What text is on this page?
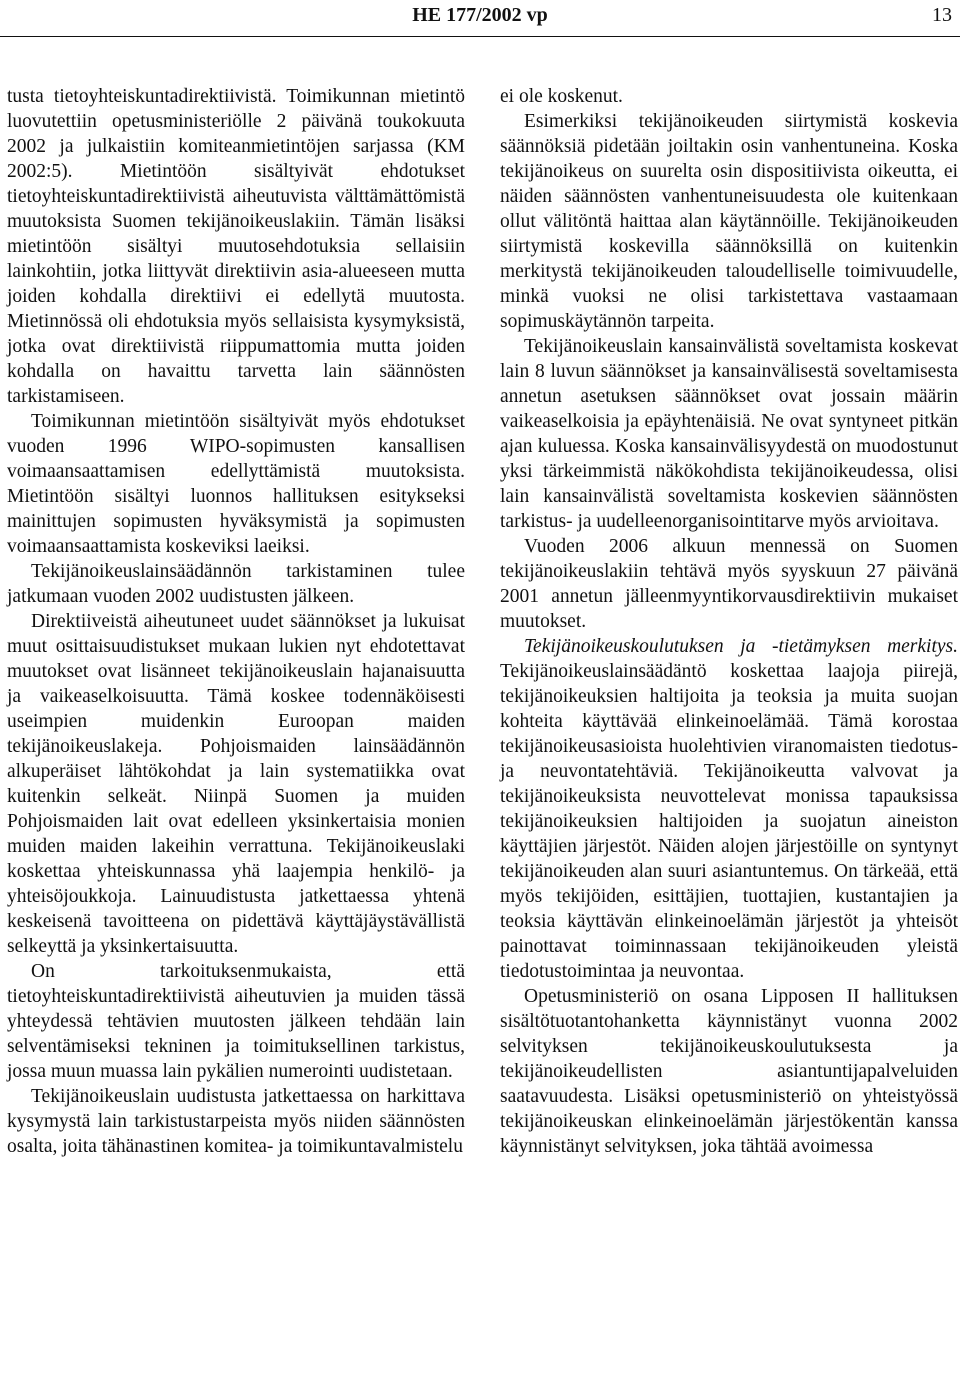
HE 177/2002 vp	13

tusta tietoyhteiskuntadirektiivistä. Toimikunnan mietintö luovutettiin opetusministeriölle 2 päivänä toukokuuta 2002 ja julkaistiin komiteanmietintöjen sarjassa (KM 2002:5). Mietintöön sisältyivät ehdotukset tietoyhteiskuntadirektiivistä aiheutuvista välttämättömistä muutoksista Suomen tekijänoikeuslakiin. Tämän lisäksi mietintöön sisältyi muutosehdotuksia sellaisiin lainkohtiin, jotka liittyvät direktiivin asia-alueeseen mutta joiden kohdalla direktiivi ei edellytä muutosta. Mietinnössä oli ehdotuksia myös sellaisista kysymyksistä, jotka ovat direktiivistä riippumattomia mutta joiden kohdalla on havaittu tarvetta lain säännösten tarkistamiseen.

Toimikunnan mietintöön sisältyivät myös ehdotukset vuoden 1996 WIPO-sopimusten kansallisen voimaansaattamisen edellyttämistä muutoksista. Mietintöön sisältyi luonnos hallituksen esitykseksi mainittujen sopimusten hyväksymistä ja sopimusten voimaansaattamista koskeviksi laeiksi.

Tekijänoikeuslainsäädännön tarkistaminen tulee jatkumaan vuoden 2002 uudistusten jälkeen.

Direktiiveistä aiheutuneet uudet säännökset ja lukuisat muut osittaisuudistukset mukaan lukien nyt ehdotettavat muutokset ovat lisänneet tekijänoikeuslain hajanaisuutta ja vaikeaselkoisuutta. Tämä koskee todennäköisesti useimpien muidenkin Euroopan maiden tekijänoikeuslakeja. Pohjoismaiden lainsäädännön alkuperäiset lähtökohdat ja lain systematiikka ovat kuitenkin selkeät. Niinpä Suomen ja muiden Pohjoismaiden lait ovat edelleen yksinkertaisia monien muiden maiden lakeihin verrattuna. Tekijänoikeuslaki koskettaa yhteiskunnassa yhä laajempia henkilö- ja yhteisöjoukkoja. Lainuudistusta jatkettaessa yhtenä keskeisenä tavoitteena on pidettävä käyttäjäystävällistä selkeyttä ja yksinkertaisuutta.

On tarkoituksenmukaista, että tietoyhteiskuntadirektiivistä aiheutuvien ja muiden tässä yhteydessä tehtävien muutosten jälkeen tehdään lain selventämiseksi tekninen ja toimituksellinen tarkistus, jossa muun muassa lain pykälien numerointi uudistetaan.

Tekijänoikeuslain uudistusta jatkettaessa on harkittava kysymystä lain tarkistustarpeista myös niiden säännösten osalta, joita tähänastinen komitea- ja toimikuntavalmistelu

ei ole koskenut.

Esimerkiksi tekijänoikeuden siirtymistä koskevia säännöksiä pidetään joiltakin osin vanhentuneina. Koska tekijänoikeus on suurelta osin dispositiivista oikeutta, ei näiden säännösten vanhentuneisuudesta ole kuitenkaan ollut välitöntä haittaa alan käytännöille. Tekijänoikeuden siirtymistä koskevilla säännöksillä on kuitenkin merkitystä tekijänoikeuden taloudelliselle toimivuudelle, minkä vuoksi ne olisi tarkistettava vastaamaan sopimuskäytännön tarpeita.

Tekijänoikeuslain kansainvälistä soveltamista koskevat lain 8 luvun säännökset ja kansainvälisestä soveltamisesta annetun asetuksen säännökset ovat jossain määrin vaikeaselkoisia ja epäyhtenäisiä. Ne ovat syntyneet pitkän ajan kuluessa. Koska kansainvälisyydestä on muodostunut yksi tärkeimmistä näkökohdista tekijänoikeudessa, olisi lain kansainvälistä soveltamista koskevien säännösten tarkistus- ja uudelleenorganisointitarve myös arvioitava.

Vuoden 2006 alkuun mennessä on Suomen tekijänoikeuslakiin tehtävä myös syyskuun 27 päivänä 2001 annetun jälleenmyyntikorvausdirektiivin mukaiset muutokset.

Tekijänoikeuskoulutuksen ja -tietämyksen merkitys. Tekijänoikeuslainsäädäntö koskettaa laajoja piirejä, tekijänoikeuksien haltijoita ja teoksia ja muita suojan kohteita käyttävää elinkeinoelämää. Tämä korostaa tekijänoikeusasioista huolehtivien viranomaisten tiedotus- ja neuvontatehtäviä. Tekijänoikeutta valvovat ja tekijänoikeuksista neuvottelevat monissa tapauksissa tekijänoikeuksien haltijoiden ja suojatun aineiston käyttäjien järjestöt. Näiden alojen järjestöille on syntynyt tekijänoikeuden alan suuri asiantuntemus. On tärkeää, että myös tekijöiden, esittäjien, tuottajien, kustantajien ja teoksia käyttävän elinkeinoelämän järjestöt ja yhteisöt painottavat toiminnassaan tekijänoikeuden yleistä tiedotustoimintaa ja neuvontaa.

Opetusministeriö on osana Lipposen II hallituksen sisältötuotantohanketta käynnistänyt vuonna 2002 selvityksen tekijänoikeuskoulutuksesta ja tekijänoikeudellisten asiantuntijapalveluiden saatavuudesta. Lisäksi opetusministeriö on yhteistyössä tekijänoikeuskan elinkeinoelämän järjestökentän kanssa käynnistänyt selvityksen, joka tähtää avoimessa
